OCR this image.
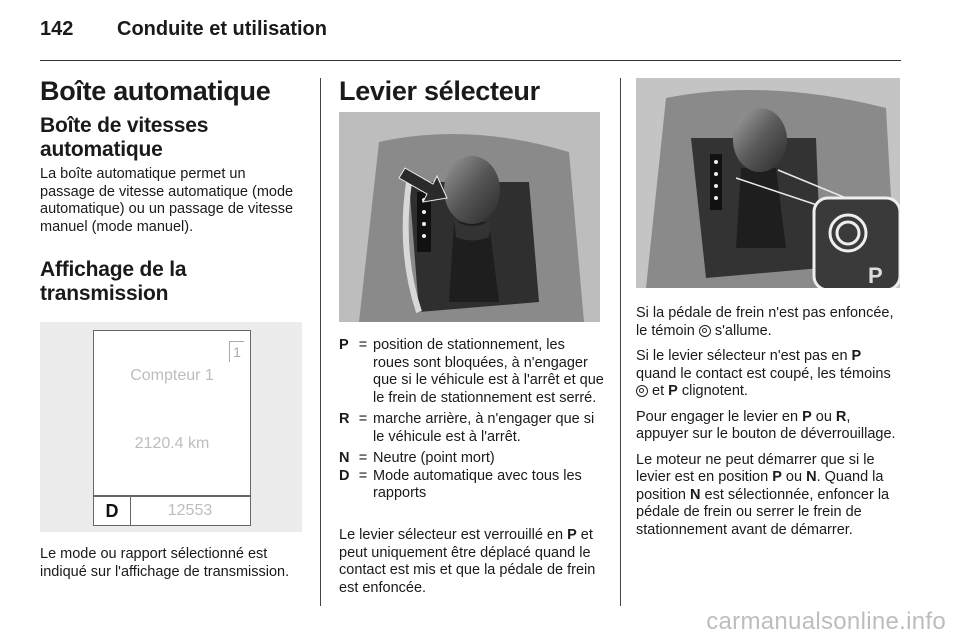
142 Conduite et utilisation
Boîte automatique
Boîte de vitesses automatique

La boîte automatique permet un passage de vitesse automatique (mode automatique) ou un passage de vitesse manuel (mode manuel).

Affichage de la transmission
1
Compteur 1
2120.4 km
D	12553

Le mode ou rapport sélectionné est indiqué sur l'affichage de transmission.

Levier sélecteur
P = position de stationnement, les roues sont bloquées, à n'engager que si le véhicule est à l'arrêt et que le frein de stationnement est serré.
R = marche arrière, à n'engager que si le véhicule est à l'arrêt.
N = Neutre (point mort)
D = Mode automatique avec tous les rapports

Le levier sélecteur est verrouillé en P et peut uniquement être déplacé quand le contact est mis et que la pédale de frein est enfoncée.

P

Si la pédale de frein n'est pas enfoncée, le témoin  s'allume.

Si le levier sélecteur n'est pas en P quand le contact est coupé, les témoins  et P clignotent.

Pour engager le levier en P ou R, appuyer sur le bouton de déverrouillage.

Le moteur ne peut démarrer que si le levier est en position P ou N. Quand la position N est sélectionnée, enfoncer la pédale de frein ou serrer le frein de stationnement avant de démarrer.

carmanualsonline.info
